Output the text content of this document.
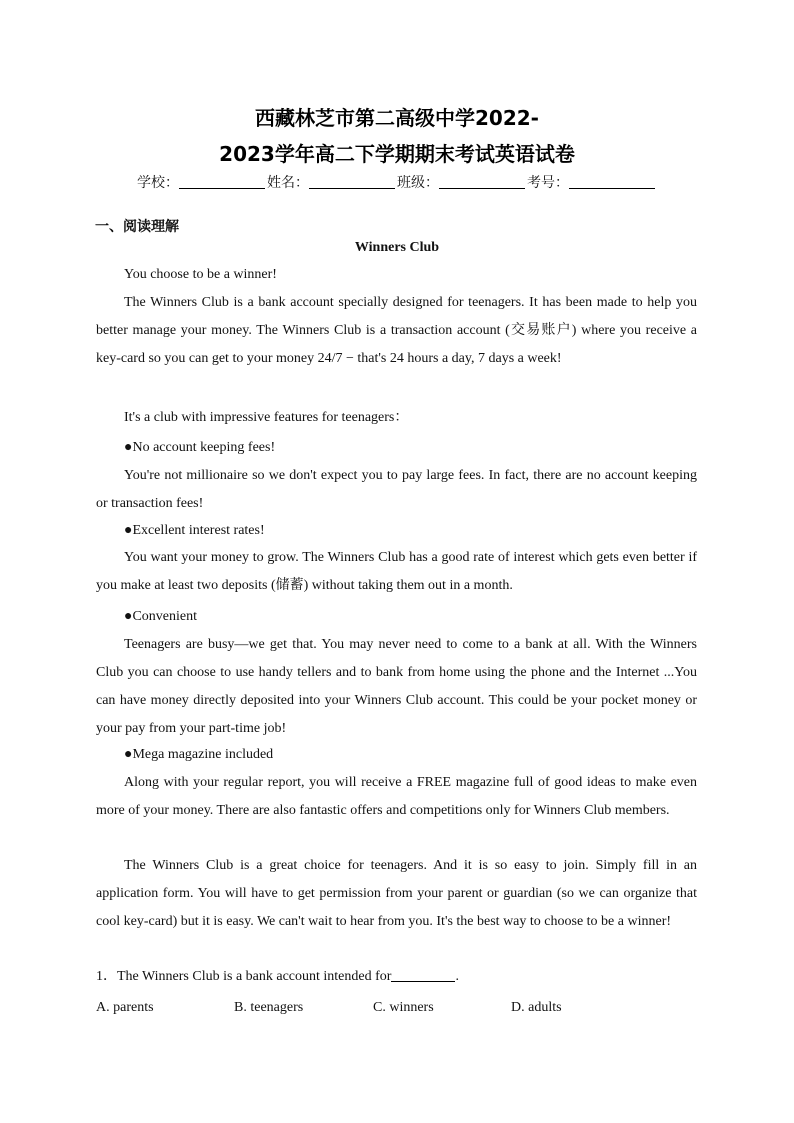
西藏林芝市第二高级中学2022-
2023学年高二下学期期末考试英语试卷
学校：	姓名：	班级：	考号：
一、阅读理解
Winners Club
You choose to be a winner!
The Winners Club is a bank account specially designed for teenagers. It has been made to help you better manage your money. The Winners Club is a transaction account (交易账户) where you receive a key-card so you can get to your money 24/7 − that's 24 hours a day, 7 days a week!
It's a club with impressive features for teenagers：
●No account keeping fees!
You're not millionaire so we don't expect you to pay large fees. In fact, there are no account keeping or transaction fees!
●Excellent interest rates!
You want your money to grow. The Winners Club has a good rate of interest which gets even better if you make at least two deposits (储蓄) without taking them out in a month.
●Convenient
Teenagers are busy—we get that. You may never need to come to a bank at all. With the Winners Club you can choose to use handy tellers and to bank from home using the phone and the Internet ...You can have money directly deposited into your Winners Club account. This could be your pocket money or your pay from your part-time job!
●Mega magazine included
Along with your regular report, you will receive a FREE magazine full of good ideas to make even more of your money. There are also fantastic offers and competitions only for Winners Club members.
The Winners Club is a great choice for teenagers. And it is so easy to join. Simply fill in an application form. You will have to get permission from your parent or guardian (so we can organize that cool key-card) but it is easy. We can't wait to hear from you. It's the best way to choose to be a winner!
1．The Winners Club is a bank account intended for	.
A. parents	B. teenagers	C. winners	D. adults
